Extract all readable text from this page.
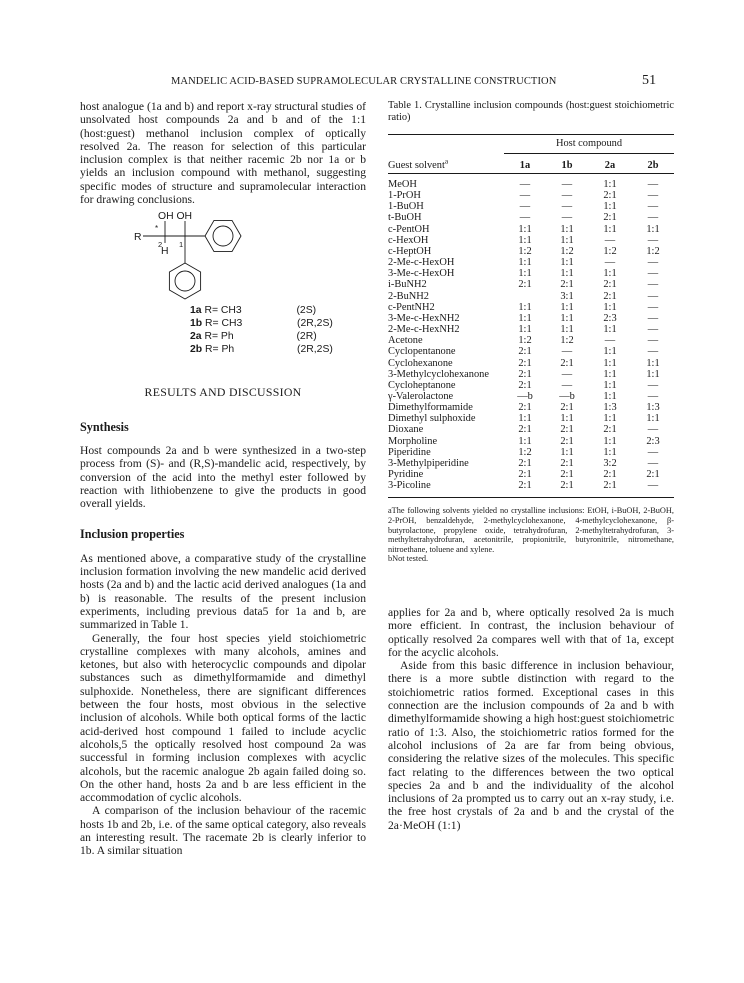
MANDELIC ACID-BASED SUPRAMOLECULAR CRYSTALLINE CONSTRUCTION	51

host analogue (1a and b) and report x-ray structural studies of unsolvated host compounds 2a and b and of the 1:1 (host:guest) methanol inclusion complex of optically resolved 2a. The reason for selection of this particular inclusion complex is that neither racemic 2b nor 1a or b yields an inclusion compound with methanol, suggesting specific modes of structure and supramolecular interaction for drawing conclusions.

OH OH
R
2 1
H
*
1a R= CH3	(2S)
1b R= CH3	(2R,2S)
2a R= Ph	(2R)
2b R= Ph	(2R,2S)

RESULTS AND DISCUSSION

Synthesis

Host compounds 2a and b were synthesized in a two-step process from (S)- and (R,S)-mandelic acid, respectively, by conversion of the acid into the methyl ester followed by reaction with lithiobenzene to give the products in good overall yields.

Inclusion properties

As mentioned above, a comparative study of the crystalline inclusion formation involving the new mandelic acid derived hosts (2a and b) and the lactic acid derived analogues (1a and b) is reasonable. The results of the present inclusion experiments, including previous data5 for 1a and b, are summarized in Table 1.

Generally, the four host species yield stoichiometric crystalline complexes with many alcohols, amines and ketones, but also with heterocyclic compounds and dipolar substances such as dimethylformamide and dimethyl sulphoxide. Nonetheless, there are significant differences between the four hosts, most obvious in the selective inclusion of alcohols. While both optical forms of the lactic acid-derived host compound 1 failed to include acyclic alcohols,5 the optically resolved host compound 2a was successful in forming inclusion complexes with acyclic alcohols, but the racemic analogue 2b again failed doing so. On the other hand, hosts 2a and b are less efficient in the accommodation of cyclic alcohols.

A comparison of the inclusion behaviour of the racemic hosts 1b and 2b, i.e. of the same optical category, also reveals an interesting result. The racemate 2b is clearly inferior to 1b. A similar situation

Table 1. Crystalline inclusion compounds (host:guest stoichiometric ratio)

	Host compound			

Guest solvent$^a$	1a	1b	2a	2b

MeOH	—	—	1:1	—
1-PrOH	—	—	2:1	—
1-BuOH	—	—	1:1	—
t-BuOH	—	—	2:1	—
c-PentOH	1:1	1:1	1:1	1:1
c-HexOH	1:1	1:1	—	—
c-HeptOH	1:2	1:2	1:2	1:2
2-Me-c-HexOH	1:1	1:1	—	—
3-Me-c-HexOH	1:1	1:1	1:1	—
i-BuNH2	2:1	2:1	2:1	—
2-BuNH2		3:1	2:1	—
c-PentNH2	1:1	1:1	1:1	—
3-Me-c-HexNH2	1:1	1:1	2:3	—
2-Me-c-HexNH2	1:1	1:1	1:1	—
Acetone	1:2	1:2	—	—
Cyclopentanone	2:1	—	1:1	—
Cyclohexanone	2:1	2:1	1:1	1:1
3-Methylcyclohexanone	2:1	—	1:1	1:1
Cycloheptanone	2:1	—	1:1	—
γ-Valerolactone	—b	—b	1:1	—
Dimethylformamide	2:1	2:1	1:3	1:3
Dimethyl sulphoxide	1:1	1:1	1:1	1:1
Dioxane	2:1	2:1	2:1	—
Morpholine	1:1	2:1	1:1	2:3
Piperidine	1:2	1:1	1:1	—
3-Methylpiperidine	2:1	2:1	3:2	—
Pyridine	2:1	2:1	2:1	2:1
3-Picoline	2:1	2:1	2:1	—

aThe following solvents yielded no crystalline inclusions: EtOH, i-BuOH, 2-BuOH, 2-PrOH, benzaldehyde, 2-methylcyclohexanone, 4-methylcyclohexanone, β-butyrolactone, propylene oxide, tetrahydrofuran, 2-methyltetrahydrofuran, 3-methyltetrahydrofuran, acetonitrile, propionitrile, butyronitrile, nitromethane, nitroethane, toluene and xylene.

bNot tested.

applies for 2a and b, where optically resolved 2a is much more efficient. In contrast, the inclusion behaviour of optically resolved 2a compares well with that of 1a, except for the acyclic alcohols.

Aside from this basic difference in inclusion behaviour, there is a more subtle distinction with regard to the stoichiometric ratios formed. Exceptional cases in this connection are the inclusion compounds of 2a and b with dimethylformamide showing a high host:guest stoichiometric ratio of 1:3. Also, the stoichiometric ratios formed for the alcohol inclusions of 2a are far from being obvious, considering the relative sizes of the molecules. This specific fact relating to the differences between the two optical species 2a and b and the individuality of the alcohol inclusions of 2a prompted us to carry out an x-ray study, i.e. the free host crystals of 2a and b and the crystal of the 2a·MeOH (1:1)
